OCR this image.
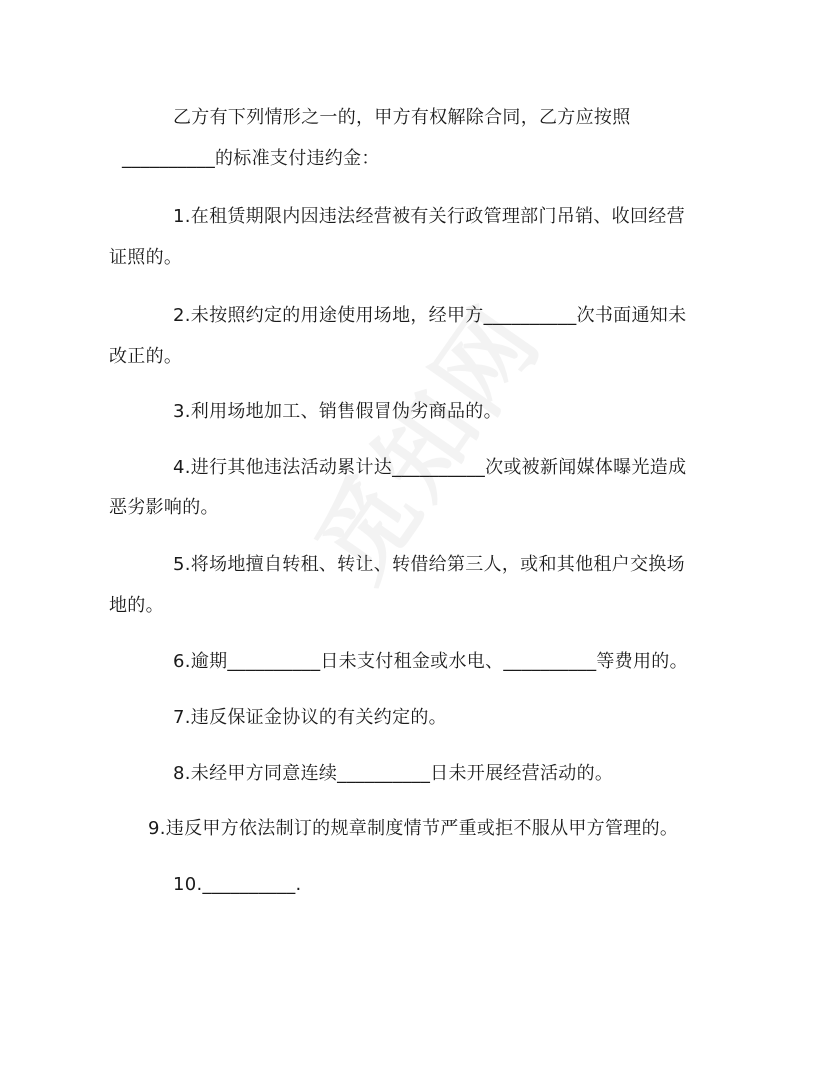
乙方有下列情形之一的，甲方有权解除合同，乙方应按照
__________的标准支付违约金：
1.在租赁期限内因违法经营被有关行政管理部门吊销、收回经营
证照的。
2.未按照约定的用途使用场地，经甲方__________次书面通知未
改正的。
3.利用场地加工、销售假冒伪劣商品的。
4.进行其他违法活动累计达__________次或被新闻媒体曝光造成
恶劣影响的。
5.将场地擅自转租、转让、转借给第三人，或和其他租户交换场
地的。
6.逾期__________日未支付租金或水电、__________等费用的。
7.违反保证金协议的有关约定的。
8.未经甲方同意连续__________日未开展经营活动的。
9.违反甲方依法制订的规章制度情节严重或拒不服从甲方管理的。
10.__________.
